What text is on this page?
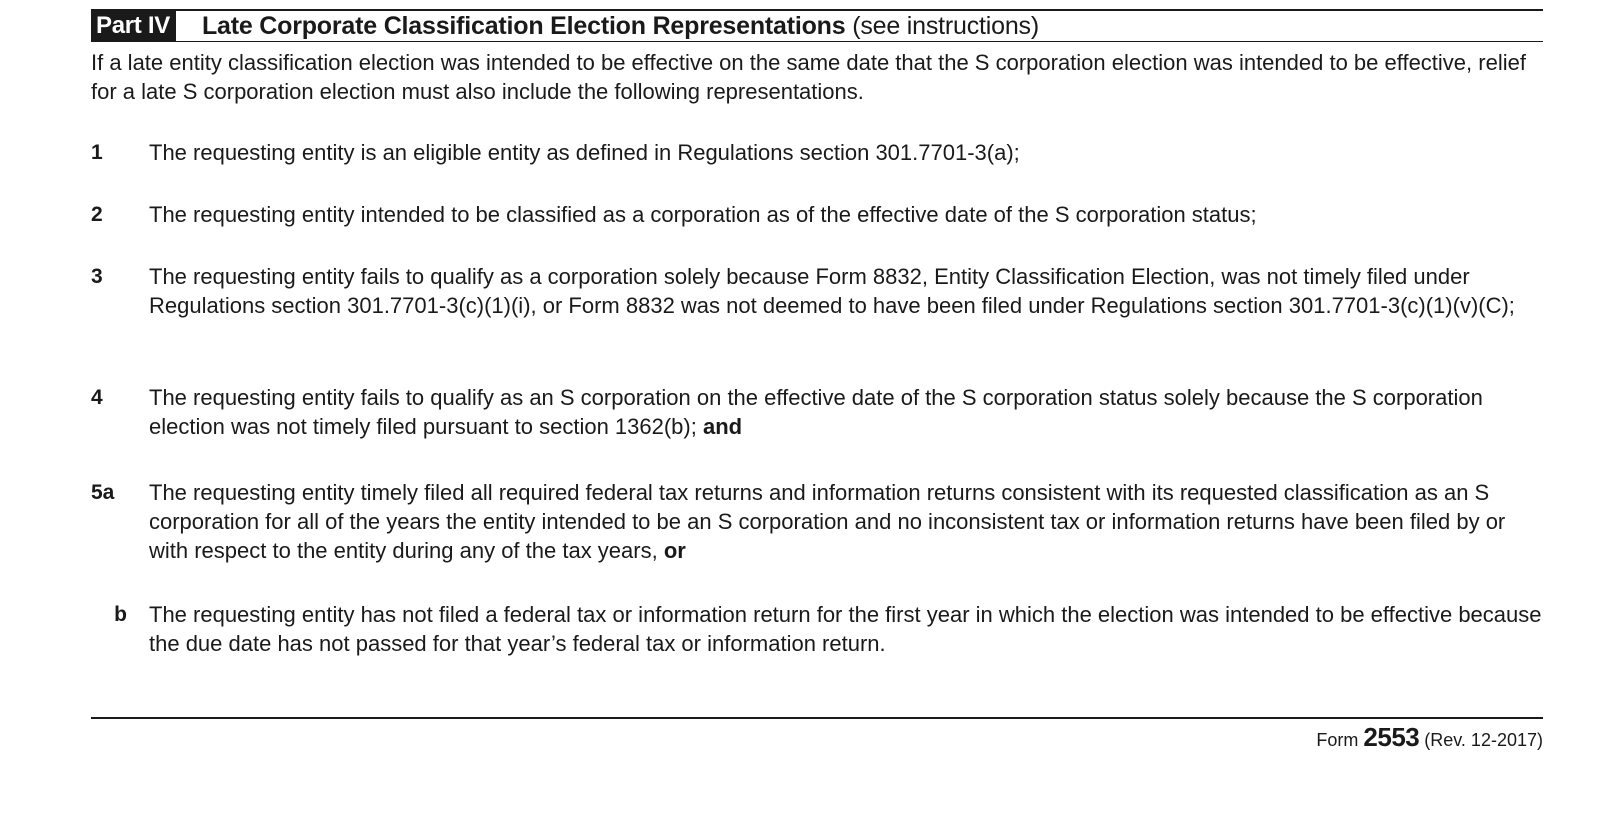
Part IV Late Corporate Classification Election Representations (see instructions)
If a late entity classification election was intended to be effective on the same date that the S corporation election was intended to be effective, relief for a late S corporation election must also include the following representations.
1	The requesting entity is an eligible entity as defined in Regulations section 301.7701-3(a);
2	The requesting entity intended to be classified as a corporation as of the effective date of the S corporation status;
3	The requesting entity fails to qualify as a corporation solely because Form 8832, Entity Classification Election, was not timely filed under Regulations section 301.7701-3(c)(1)(i), or Form 8832 was not deemed to have been filed under Regulations section 301.7701-3(c)(1)(v)(C);
4	The requesting entity fails to qualify as an S corporation on the effective date of the S corporation status solely because the S corporation election was not timely filed pursuant to section 1362(b); and
5a	The requesting entity timely filed all required federal tax returns and information returns consistent with its requested classification as an S corporation for all of the years the entity intended to be an S corporation and no inconsistent tax or information returns have been filed by or with respect to the entity during any of the tax years, or
b	The requesting entity has not filed a federal tax or information return for the first year in which the election was intended to be effective because the due date has not passed for that year’s federal tax or information return.
Form 2553 (Rev. 12-2017)
